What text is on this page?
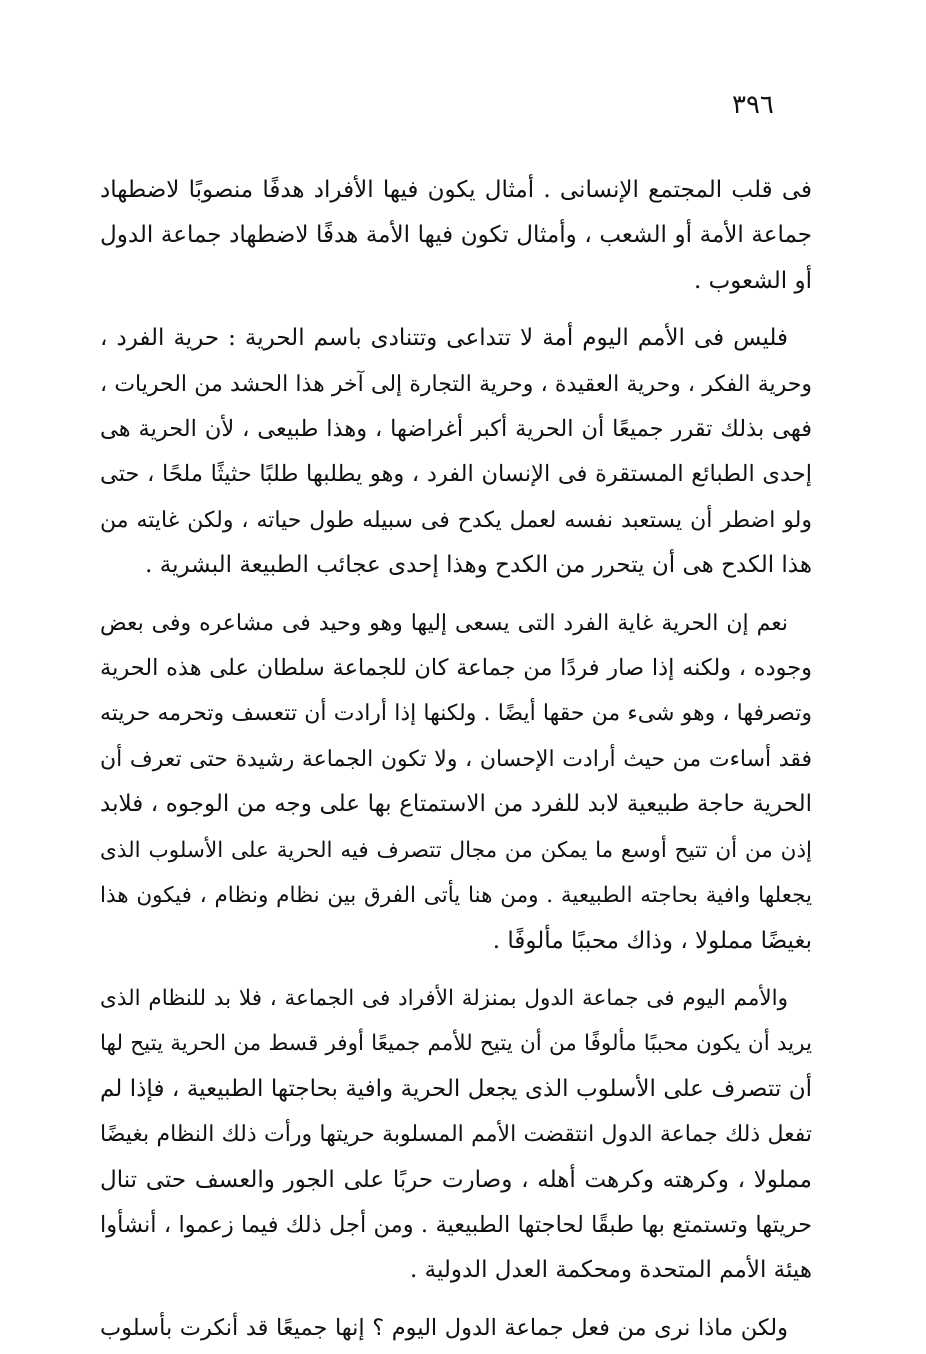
٣٩٦

فى قلب المجتمع الإنسانى . أمثال يكون فيها الأفراد هدفًا منصوبًا لاضطهاد
جماعة الأمة أو الشعب ، وأمثال تكون فيها الأمة هدفًا لاضطهاد جماعة الدول
أو الشعوب .

فليس فى الأمم اليوم أمة لا تتداعى وتتنادى باسم الحرية : حرية الفرد ،
وحرية الفكر ، وحرية العقيدة ، وحرية التجارة إلى آخر هذا الحشد من الحريات ،
فهى بذلك تقرر جميعًا أن الحرية أكبر أغراضها ، وهذا طبيعى ، لأن الحرية هى
إحدى الطبائع المستقرة فى الإنسان الفرد ، وهو يطلبها طلبًا حثيثًا ملحًا ، حتى
ولو اضطر أن يستعبد نفسه لعمل يكدح فى سبيله طول حياته ، ولكن غايته من
هذا الكدح هى أن يتحرر من الكدح وهذا إحدى عجائب الطبيعة البشرية .

نعم إن الحرية غاية الفرد التى يسعى إليها وهو وحيد فى مشاعره وفى بعض
وجوده ، ولكنه إذا صار فردًا من جماعة كان للجماعة سلطان على هذه الحرية
وتصرفها ، وهو شىء من حقها أيضًا . ولكنها إذا أرادت أن تتعسف وتحرمه حريته
فقد أساءت من حيث أرادت الإحسان ، ولا تكون الجماعة رشيدة حتى تعرف أن
الحرية حاجة طبيعية لابد للفرد من الاستمتاع بها على وجه من الوجوه ، فلابد
إذن من أن تتيح أوسع ما يمكن من مجال تتصرف فيه الحرية على الأسلوب الذى
يجعلها وافية بحاجته الطبيعية . ومن هنا يأتى الفرق بين نظام ونظام ، فيكون هذا
بغيضًا مملولا ، وذاك محببًا مألوفًا .

والأمم اليوم فى جماعة الدول بمنزلة الأفراد فى الجماعة ، فلا بد للنظام الذى
يريد أن يكون محببًا مألوفًا من أن يتيح للأمم جميعًا أوفر قسط من الحرية يتيح لها
أن تتصرف على الأسلوب الذى يجعل الحرية وافية بحاجتها الطبيعية ، فإذا لم
تفعل ذلك جماعة الدول انتقضت الأمم المسلوبة حريتها ورأت ذلك النظام بغيضًا
مملولا ، وكرهته وكرهت أهله ، وصارت حربًا على الجور والعسف حتى تنال
حريتها وتستمتع بها طبقًا لحاجتها الطبيعية . ومن أجل ذلك فيما زعموا ، أنشأوا
هيئة الأمم المتحدة ومحكمة العدل الدولية .

ولكن ماذا نرى من فعل جماعة الدول اليوم ؟ إنها جميعًا قد أنكرت بأسلوب
